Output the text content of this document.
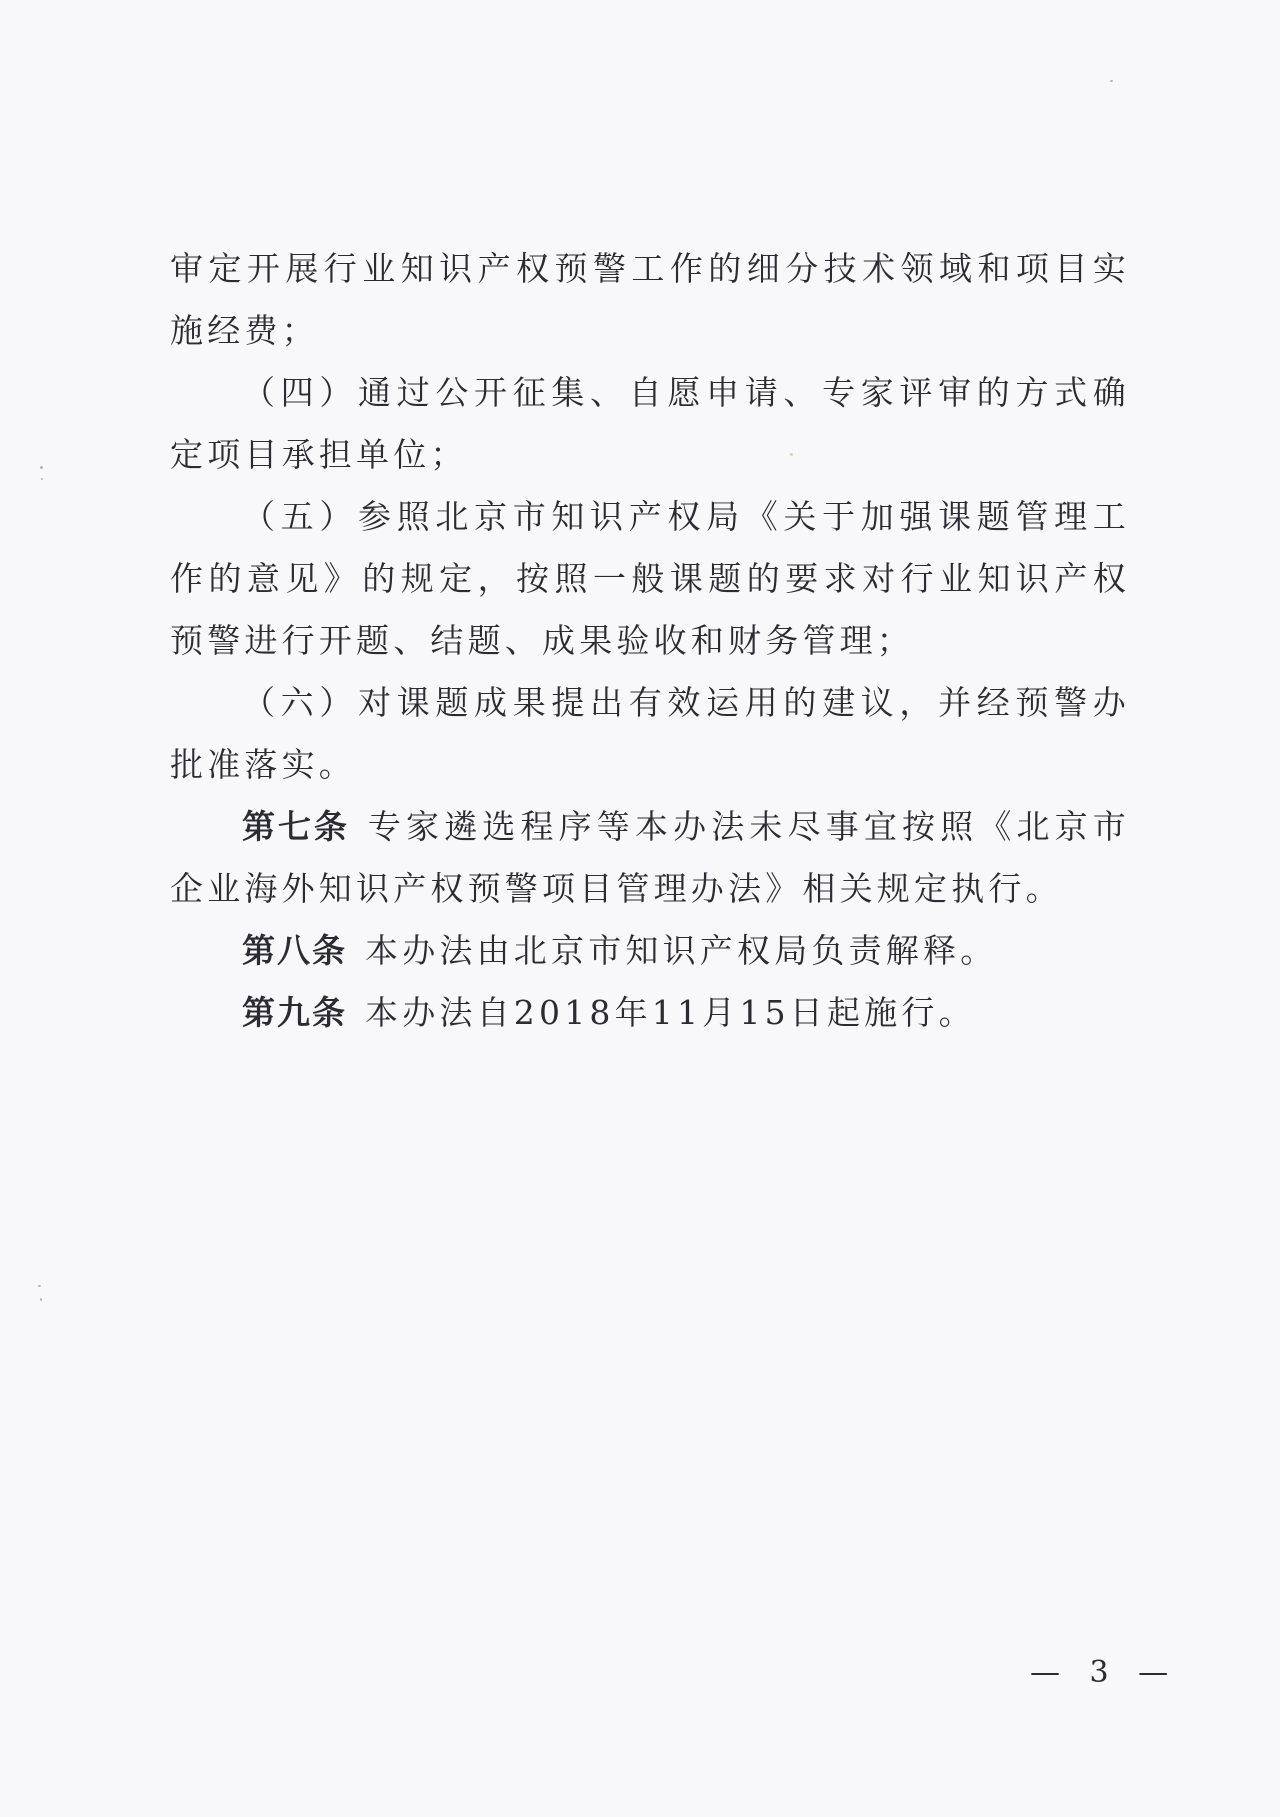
审定开展行业知识产权预警工作的细分技术领域和项目实施经费；

（四）通过公开征集、自愿申请、专家评审的方式确定项目承担单位；

（五）参照北京市知识产权局《关于加强课题管理工作的意见》的规定，按照一般课题的要求对行业知识产权预警进行开题、结题、成果验收和财务管理；

（六）对课题成果提出有效运用的建议，并经预警办批准落实。

第七条 专家遴选程序等本办法未尽事宜按照《北京市企业海外知识产权预警项目管理办法》相关规定执行。

第八条 本办法由北京市知识产权局负责解释。

第九条 本办法自2018年11月15日起施行。

— 3 —
